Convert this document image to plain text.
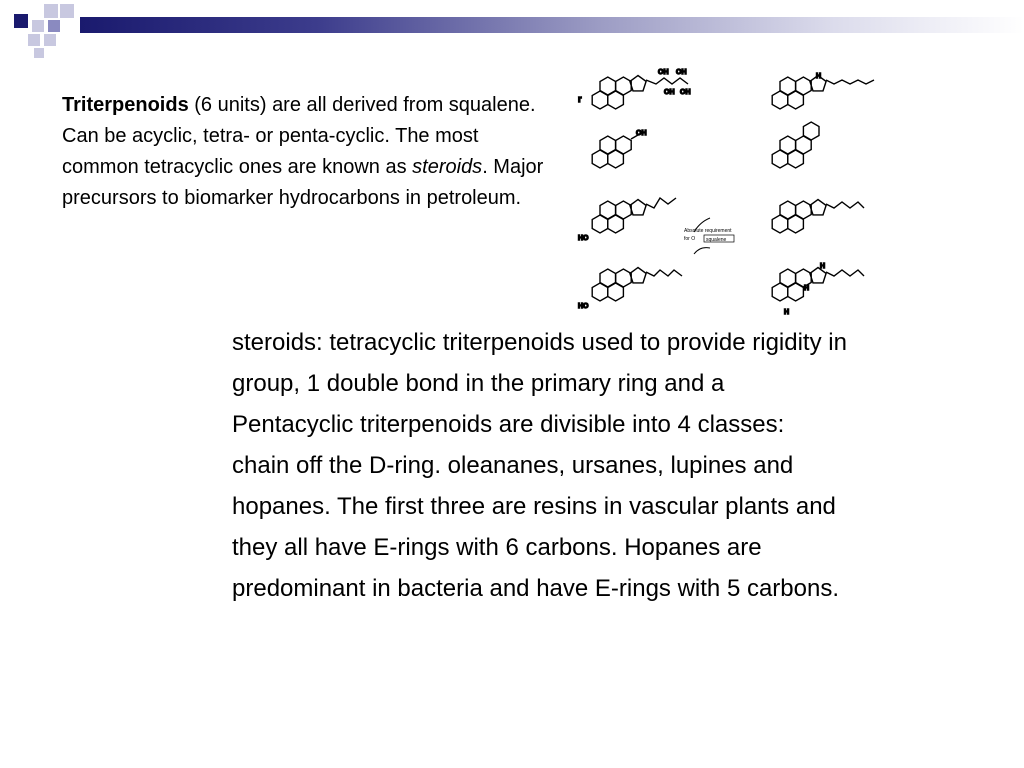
Triterpenoids (6 units) are all derived from squalene. Can be acyclic, tetra- or penta-cyclic. The most common tetracyclic ones are known as steroids. Major precursors to biomarker hydrocarbons in petroleum.

OH OH
OH OH
r
OH
HO
HO
H
H
H
H
Absolute requirement
for O squalene

steroids: tetracyclic triterpenoids used to provide rigidity in
group, 1 double bond in the primary ring and a
Pentacyclic triterpenoids are divisible into 4 classes:
chain off the D-ring. oleananes, ursanes, lupines and
hopanes. The first three are resins in vascular plants and
they all have E-rings with 6 carbons. Hopanes are
predominant in bacteria and have E-rings with 5 carbons.
